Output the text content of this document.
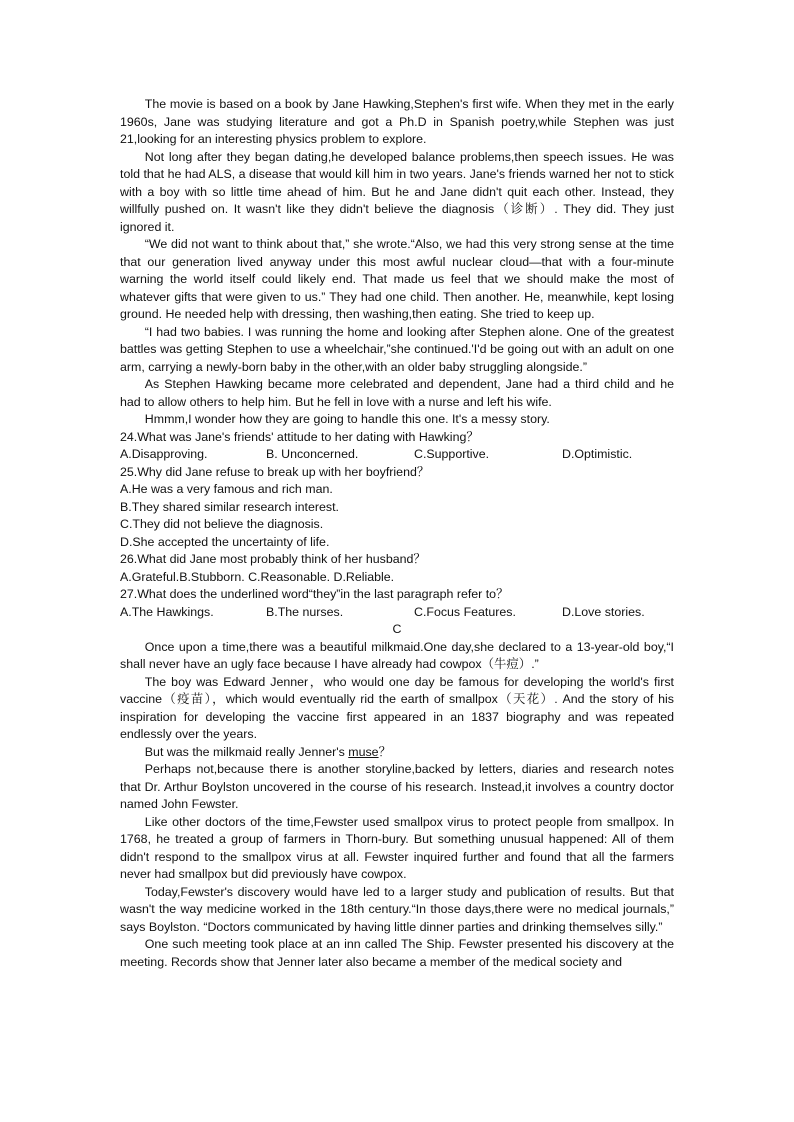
The movie is based on a book by Jane Hawking,Stephen's first wife. When they met in the early 1960s, Jane was studying literature and got a Ph.D in Spanish poetry,while Stephen was just 21,looking for an interesting physics problem to explore.

Not long after they began dating,he developed balance problems,then speech issues. He was told that he had ALS, a disease that would kill him in two years. Jane's friends warned her not to stick with a boy with so little time ahead of him. But he and Jane didn't quit each other. Instead, they willfully pushed on. It wasn't like they didn't believe the diagnosis（诊断）. They did. They just ignored it.

“We did not want to think about that,” she wrote.“Also, we had this very strong sense at the time that our generation lived anyway under this most awful nuclear cloud—that with a four-minute warning the world itself could likely end. That made us feel that we should make the most of whatever gifts that were given to us.” They had one child. Then another. He, meanwhile, kept losing ground. He needed help with dressing, then washing,then eating. She tried to keep up.

“I had two babies. I was running the home and looking after Stephen alone. One of the greatest battles was getting Stephen to use a wheelchair,”she continued.'I'd be going out with an adult on one arm, carrying a newly-born baby in the other,with an older baby struggling alongside.”

As Stephen Hawking became more celebrated and dependent, Jane had a third child and he had to allow others to help him. But he fell in love with a nurse and left his wife.

Hmmm,I wonder how they are going to handle this one. It's a messy story.

24.What was Jane's friends' attitude to her dating with Hawking？

A.Disapproving.	B. Unconcerned.	C.Supportive.	D.Optimistic.

25.Why did Jane refuse to break up with her boyfriend？

A.He was a very famous and rich man.

B.They shared similar research interest.

C.They did not believe the diagnosis.

D.She accepted the uncertainty of life.

26.What did Jane most probably think of her husband？

A.Grateful.B.Stubborn. C.Reasonable. D.Reliable.

27.What does the underlined word“they”in the last paragraph refer to？

A.The Hawkings.	B.The nurses.	C.Focus Features.	D.Love stories.

C

Once upon a time,there was a beautiful milkmaid.One day,she declared to a 13-year-old boy,“I shall never have an ugly face because I have already had cowpox（牛痘）.”

The boy was Edward Jenner，who would one day be famous for developing the world's first vaccine（疫苗），which would eventually rid the earth of smallpox（天花）. And the story of his inspiration for developing the vaccine first appeared in an 1837 biography and was repeated endlessly over the years.

But was the milkmaid really Jenner's muse？

Perhaps not,because there is another storyline,backed by letters, diaries and research notes that Dr. Arthur Boylston uncovered in the course of his research. Instead,it involves a country doctor named John Fewster.

Like other doctors of the time,Fewster used smallpox virus to protect people from smallpox. In 1768, he treated a group of farmers in Thorn-bury. But something unusual happened: All of them didn't respond to the smallpox virus at all. Fewster inquired further and found that all the farmers never had smallpox but did previously have cowpox.

Today,Fewster's discovery would have led to a larger study and publication of results. But that wasn't the way medicine worked in the 18th century.“In those days,there were no medical journals,” says Boylston. “Doctors communicated by having little dinner parties and drinking themselves silly.”

One such meeting took place at an inn called The Ship. Fewster presented his discovery at the meeting. Records show that Jenner later also became a member of the medical society and
